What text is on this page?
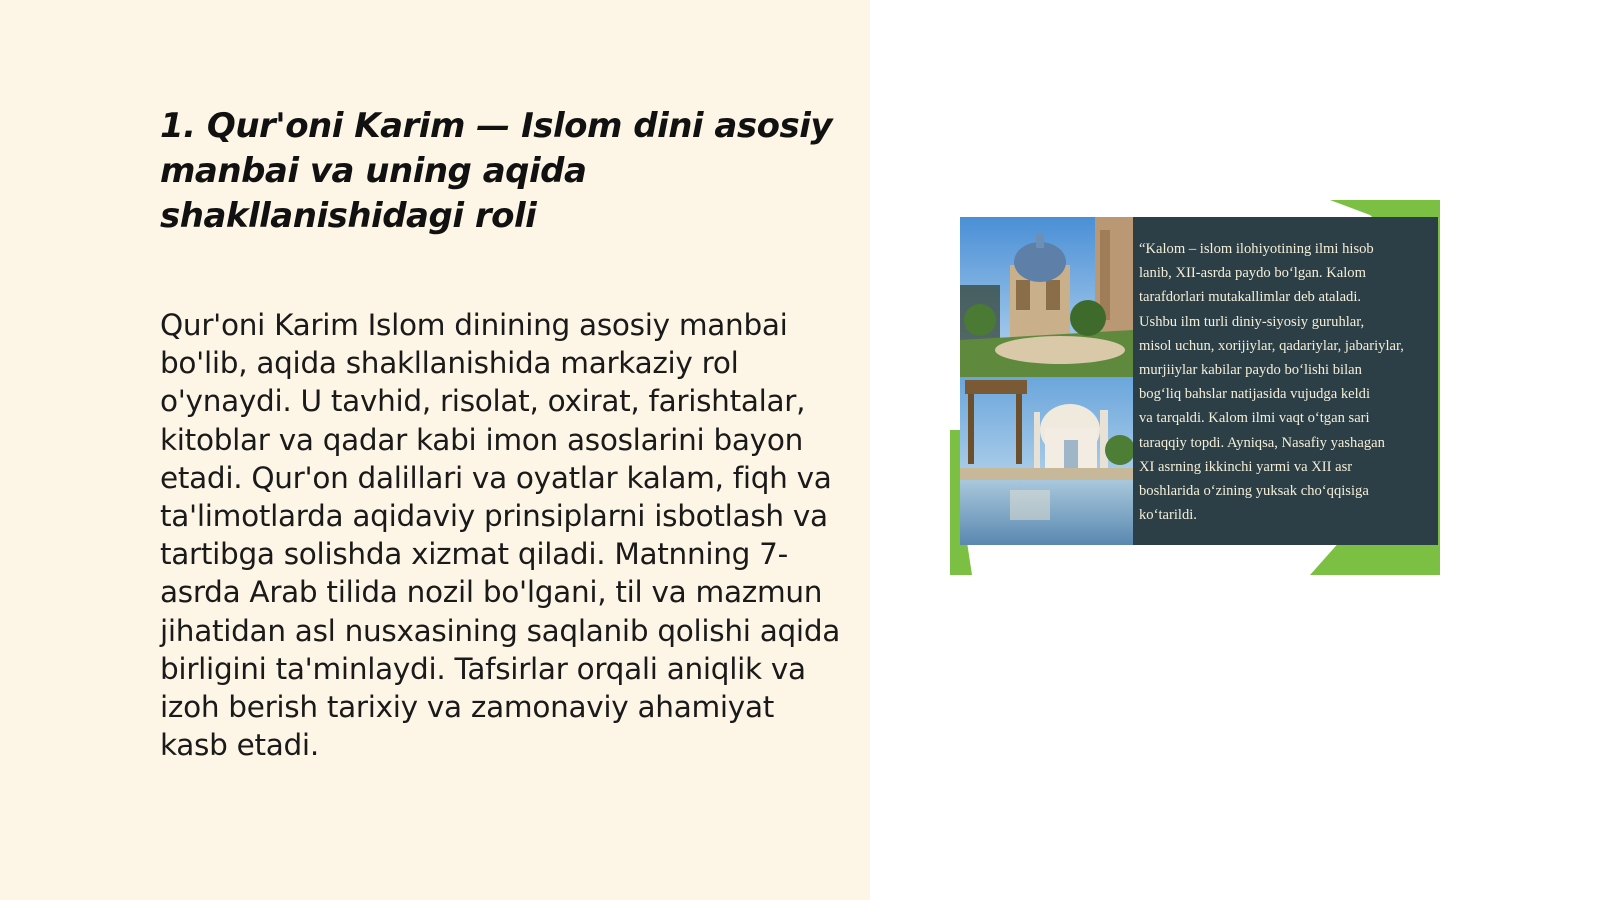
1. Qur'oni Karim — Islom dini asosiy manbai va uning aqida shakllanishidagi roli

Qur'oni Karim Islom dinining asosiy manbai bo'lib, aqida shakllanishida markaziy rol o'ynaydi. U tavhid, risolat, oxirat, farishtalar, kitoblar va qadar kabi imon asoslarini bayon etadi. Qur'on dalillari va oyatlar kalam, fiqh va ta'limotlarda aqidaviy prinsiplarni isbotlash va tartibga solishda xizmat qiladi. Matnning 7-asrda Arab tilida nozil bo'lgani, til va mazmun jihatidan asl nusxasining saqlanib qolishi aqida birligini ta'minlaydi. Tafsirlar orqali aniqlik va izoh berish tarixiy va zamonaviy ahamiyat kasb etadi.

“Kalom – islom ilohiyotining ilmi hisob
lanib, XII-asrda paydo bo‘lgan. Kalom
tarafdorlari mutakallimlar deb ataladi.
Ushbu ilm turli diniy-siyosiy guruhlar,
misol uchun, xorijiylar, qadariylar, jabariylar,
murjiiylar kabilar paydo bo‘lishi bilan
bog‘liq bahslar natijasida vujudga keldi
va tarqaldi. Kalom ilmi vaqt o‘tgan sari
taraqqiy topdi. Ayniqsa, Nasafiy yashagan
XI asrning ikkinchi yarmi va XII asr
boshlarida o‘zining yuksak cho‘qqisiga
ko‘tarildi.
